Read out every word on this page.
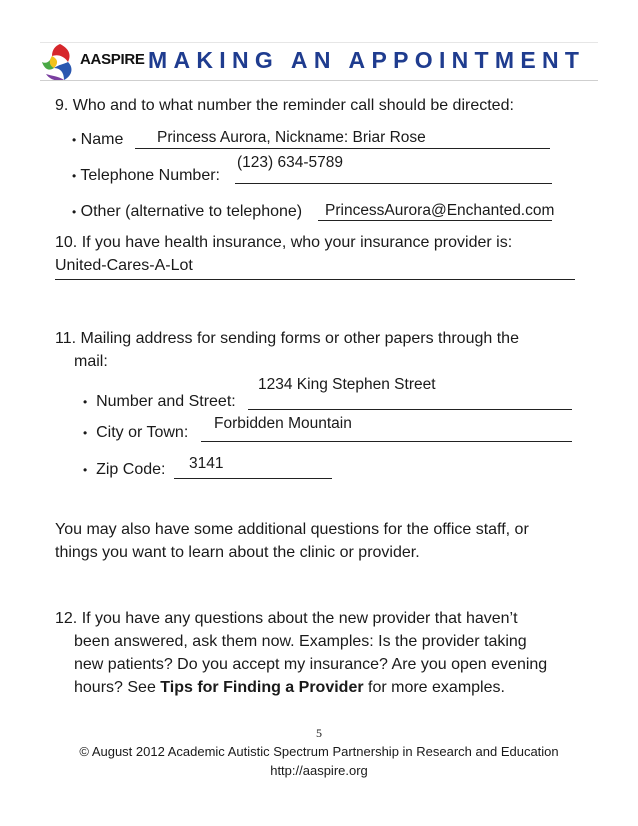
AASPIRE MAKING AN APPOINTMENT
9. Who and to what number the reminder call should be directed:
• Name Princess Aurora, Nickname: Briar Rose
• Telephone Number:
(123) 634-5789
• Other (alternative to telephone) PrincessAurora@Enchanted.com
10. If you have health insurance, who your insurance provider is:
United-Cares-A-Lot
11. Mailing address for sending forms or other papers through the
mail:
• Number and Street:
1234 King Stephen Street
• City or Town:
Forbidden Mountain
• Zip Code: 3141
You may also have some additional questions for the office staff, or
things you want to learn about the clinic or provider.
12. If you have any questions about the new provider that haven’t
been answered, ask them now. Examples: Is the provider taking
new patients? Do you accept my insurance? Are you open evening
hours? See Tips for Finding a Provider for more examples.
5
© August 2012 Academic Autistic Spectrum Partnership in Research and Education
http://aaspire.org
